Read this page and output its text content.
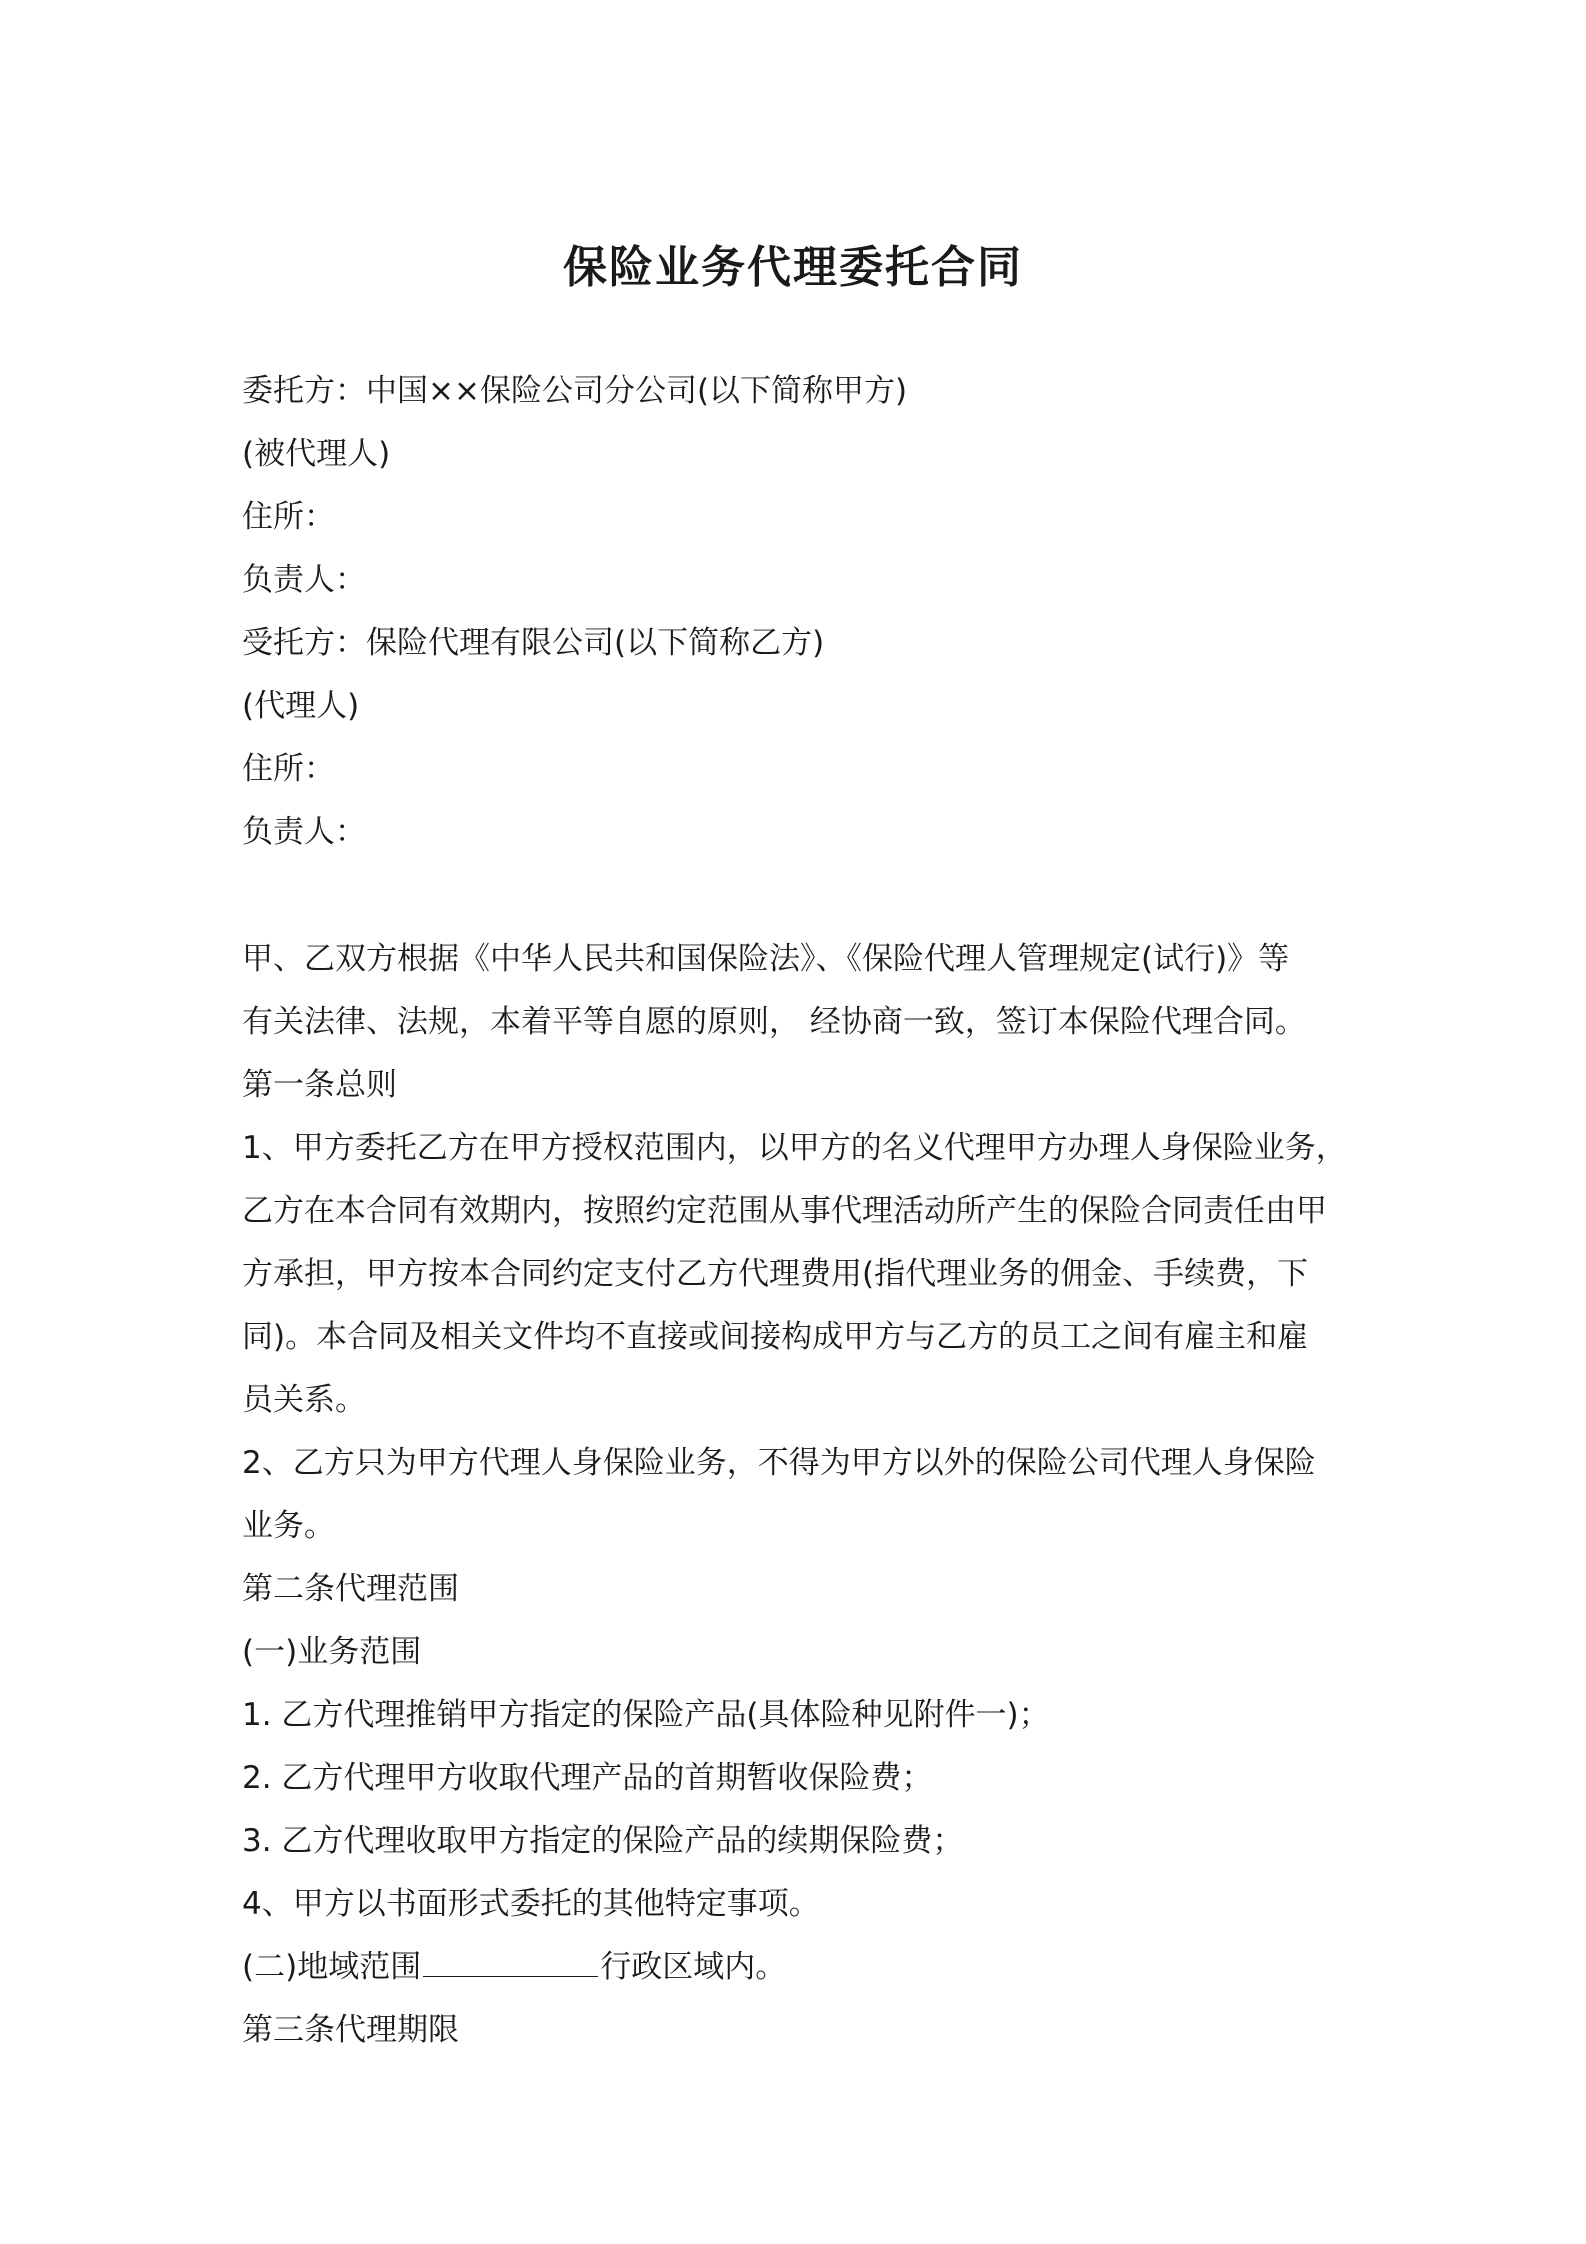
保险业务代理委托合同
委托方：中国××保险公司分公司(以下简称甲方)
(被代理人)
住所：
负责人：
受托方：保险代理有限公司(以下简称乙方)
(代理人)
住所：
负责人：
甲、乙双方根据《中华人民共和国保险法》、《保险代理人管理规定(试行)》等
有关法律、法规，本着平等自愿的原则， 经协商一致，签订本保险代理合同。
第一条总则
1、甲方委托乙方在甲方授权范围内，以甲方的名义代理甲方办理人身保险业务，
乙方在本合同有效期内，按照约定范围从事代理活动所产生的保险合同责任由甲
方承担，甲方按本合同约定支付乙方代理费用(指代理业务的佣金、手续费，下
同)。本合同及相关文件均不直接或间接构成甲方与乙方的员工之间有雇主和雇
员关系。
2、乙方只为甲方代理人身保险业务，不得为甲方以外的保险公司代理人身保险
业务。
第二条代理范围
(一)业务范围
1. 乙方代理推销甲方指定的保险产品(具体险种见附件一)；
2. 乙方代理甲方收取代理产品的首期暂收保险费；
3. 乙方代理收取甲方指定的保险产品的续期保险费；
4、甲方以书面形式委托的其他特定事项。
(二)地域范围	行政区域内。
第三条代理期限
